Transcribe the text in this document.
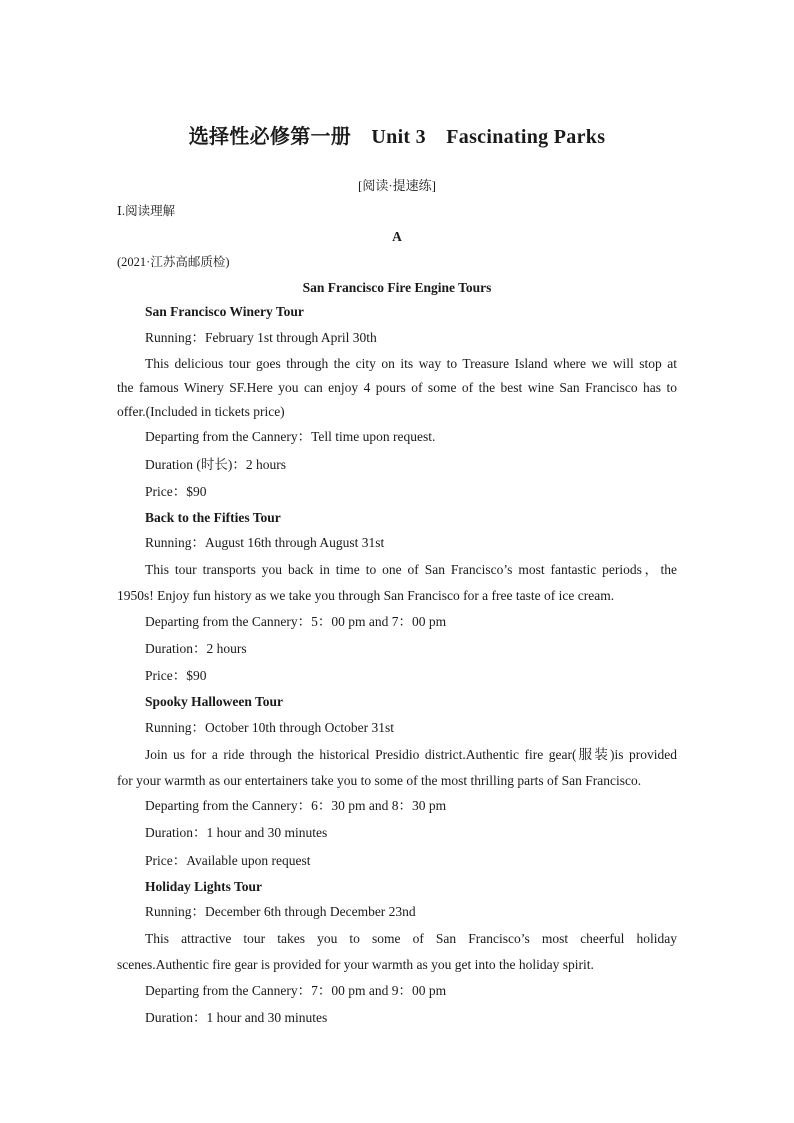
选择性必修第一册　Unit 3　Fascinating Parks
[阅读·提速练]
Ⅰ.阅读理解
A
(2021·江苏高邮质检)
San Francisco Fire Engine Tours
San Francisco Winery Tour
Running：February 1st through April 30th
This delicious tour goes through the city on its way to Treasure Island where we will stop at
the famous Winery SF.Here you can enjoy 4 pours of some of the best wine San Francisco has to
offer.(Included in tickets price)
Departing from the Cannery：Tell time upon request.
Duration (时长)：2 hours
Price：$90
Back to the Fifties Tour
Running：August 16th through August 31st
This tour transports you back in time to one of San Francisco’s most fantastic periods，the
1950s! Enjoy fun history as we take you through San Francisco for a free taste of ice cream.
Departing from the Cannery：5：00 pm and 7：00 pm
Duration：2 hours
Price：$90
Spooky Halloween Tour
Running：October 10th through October 31st
Join us for a ride through the historical Presidio district.Authentic fire gear(服装)is provided
for your warmth as our entertainers take you to some of the most thrilling parts of San Francisco.
Departing from the Cannery：6：30 pm and 8：30 pm
Duration：1 hour and 30 minutes
Price：Available upon request
Holiday Lights Tour
Running：December 6th through December 23nd
This attractive tour takes you to some of San Francisco’s most cheerful holiday
scenes.Authentic fire gear is provided for your warmth as you get into the holiday spirit.
Departing from the Cannery：7：00 pm and 9：00 pm
Duration：1 hour and 30 minutes
